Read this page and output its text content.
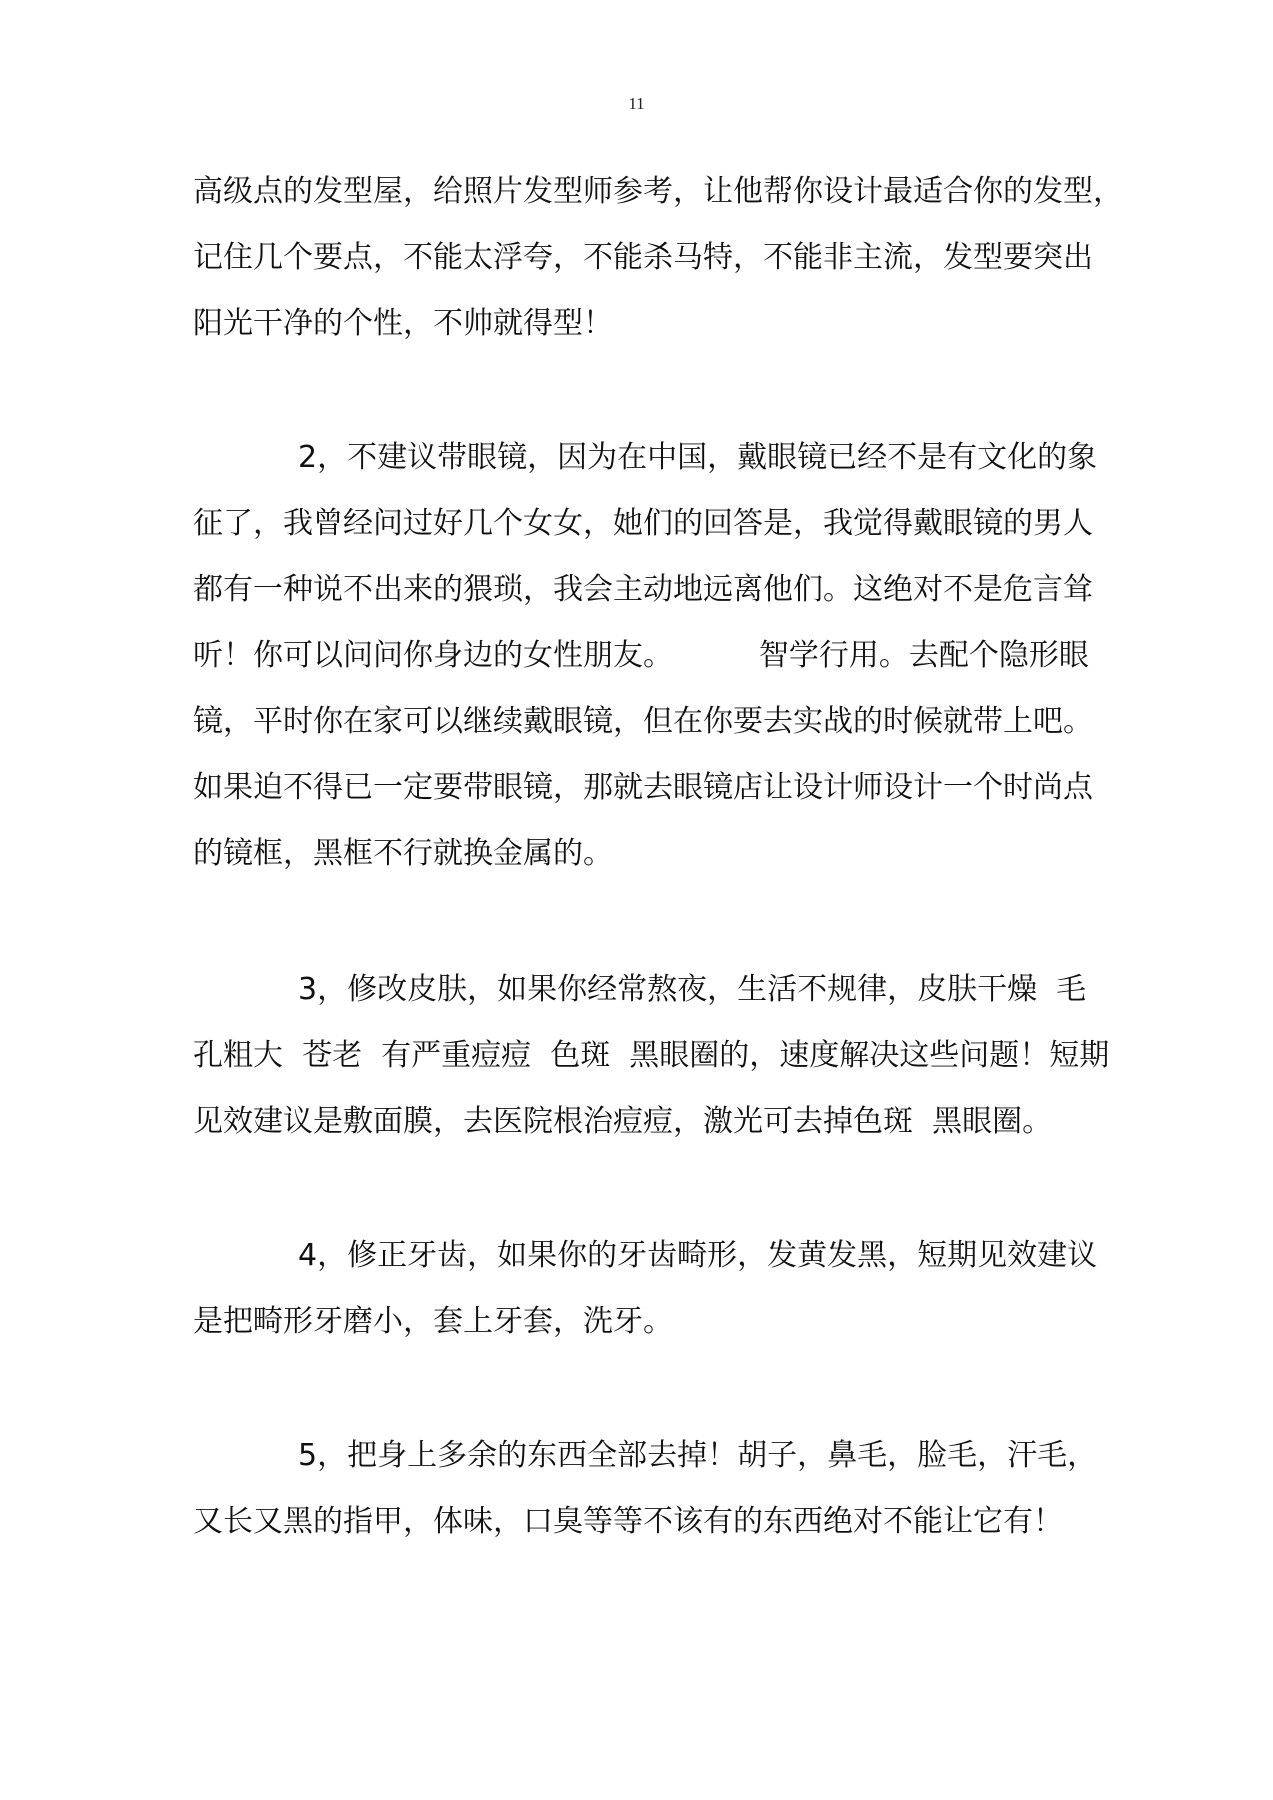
11
高级点的发型屋，给照片发型师参考，让他帮你设计最适合你的发型，
记住几个要点，不能太浮夸，不能杀马特，不能非主流，发型要突出
阳光干净的个性，不帅就得型！
2，不建议带眼镜，因为在中国，戴眼镜已经不是有文化的象
征了，我曾经问过好几个女女，她们的回答是，我觉得戴眼镜的男人
都有一种说不出来的猥琐，我会主动地远离他们。这绝对不是危言耸
听！你可以问问你身边的女性朋友。         智学行用。去配个隐形眼
镜，平时你在家可以继续戴眼镜，但在你要去实战的时候就带上吧。
如果迫不得已一定要带眼镜，那就去眼镜店让设计师设计一个时尚点
的镜框，黑框不行就换金属的。
3，修改皮肤，如果你经常熬夜，生活不规律，皮肤干燥  毛
孔粗大  苍老  有严重痘痘  色斑  黑眼圈的，速度解决这些问题！短期
见效建议是敷面膜，去医院根治痘痘，激光可去掉色斑  黑眼圈。
4，修正牙齿，如果你的牙齿畸形，发黄发黑，短期见效建议
是把畸形牙磨小，套上牙套，洗牙。
5，把身上多余的东西全部去掉！胡子，鼻毛，脸毛，汗毛，
又长又黑的指甲，体味，口臭等等不该有的东西绝对不能让它有！
